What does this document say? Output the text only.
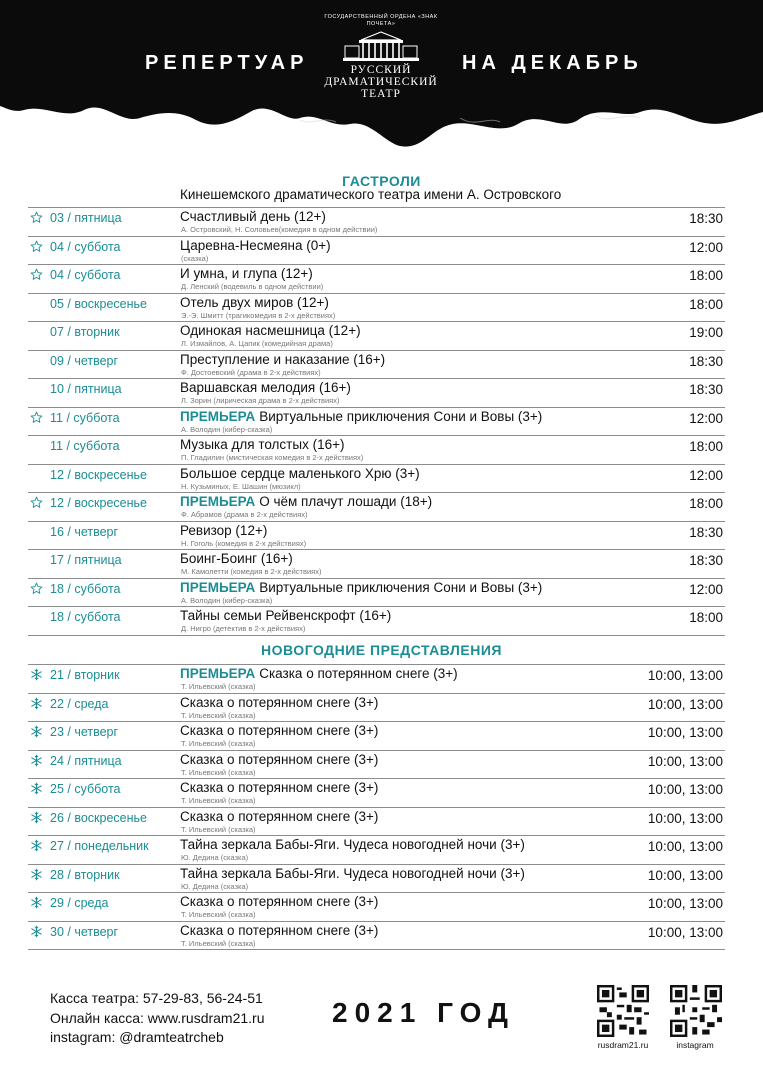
РЕПЕРТУАР	НА ДЕКАБРЬ
ГОСУДАРСТВЕННЫЙ ОРДЕНА «ЗНАК ПОЧЕТА»
РУССКИЙ
ДРАМАТИЧЕСКИЙ
ТЕАТР
ГАСТРОЛИ
Кинешемского драматического театра имени А. Островского
03 / пятница	Счастливый день (12+)
А. Островский, Н. Соловьев(комедия в одном действии)
18:30
04 / суббота	Царевна-Несмеяна (0+)
(сказка)
12:00
04 / суббота	И умна, и глупа (12+)
Д. Ленский (водевиль в одном действии)
18:00
05 / воскресенье Отель двух миров (12+)
Э.-Э. Шмитт (трагикомедия в 2-х действиях)
18:00
07 / вторник	Одинокая насмешница (12+)
Л. Измайлов, А. Цапик (комедийная драма)
19:00
09 / четверг	Преступление и наказание (16+)
Ф. Достоевский (драма в 2-х действиях)
18:30
10 / пятница	Варшавская мелодия (16+)
Л. Зорин (лирическая драма в 2-х действиях)
18:30
11 / суббота	ПРЕМЬЕРА Виртуальные приключения Сони и Вовы (3+)
А. Володин (кибер-сказка)
12:00
11 / суббота	Музыка для толстых (16+)
П. Гладилин (мистическая комедия в 2-х действиях)
18:00
12 / воскресенье Большое сердце маленького Хрю (3+)
Н. Кузьминых, Е. Шашин (мюзикл)
12:00
12 / воскресенье ПРЕМЬЕРА О чём плачут лошади (18+)
Ф. Абрамов (драма в 2-х действиях)
18:00
16 / четверг	Ревизор (12+)
Н. Гоголь (комедия в 2-х действиях)
18:30
17 / пятница	Боинг-Боинг (16+)
М. Камолетти (комедия в 2-х действиях)
18:30
18 / суббота	ПРЕМЬЕРА Виртуальные приключения Сони и Вовы (3+)
А. Володин (кибер-сказка)
12:00
18 / суббота	Тайны семьи Рейвенскрофт (16+)
Д. Нигро (детектив в 2-х действиях)
18:00
НОВОГОДНИЕ ПРЕДСТАВЛЕНИЯ
21 / вторник	ПРЕМЬЕРА Сказка о потерянном снеге (3+)
Т. Ильевский (сказка)
10:00, 13:00
22 / среда	Сказка о потерянном снеге (3+)
Т. Ильевский (сказка)
10:00, 13:00
23 / четверг	Сказка о потерянном снеге (3+)
Т. Ильевский (сказка)
10:00, 13:00
24 / пятница	Сказка о потерянном снеге (3+)
Т. Ильевский (сказка)
10:00, 13:00
25 / суббота	Сказка о потерянном снеге (3+)
Т. Ильевский (сказка)
10:00, 13:00
26 / воскресенье Сказка о потерянном снеге (3+)
Т. Ильевский (сказка)
10:00, 13:00
27 / понедельник Тайна зеркала Бабы-Яги. Чудеса новогодней ночи (3+)
Ю. Дедина (сказка)
10:00, 13:00
28 / вторник	Тайна зеркала Бабы-Яги. Чудеса новогодней ночи (3+)
Ю. Дедина (сказка)
10:00, 13:00
29 / среда	Сказка о потерянном снеге (3+)
Т. Ильевский (сказка)
10:00, 13:00
30 / четверг	Сказка о потерянном снеге (3+)
Т. Ильевский (сказка)
10:00, 13:00
Касса театра: 57-29-83, 56-24-51
Онлайн касса: www.rusdram21.ru
instagram: @dramteatrcheb
2021 ГОД
rusdram21.ru	instagram
